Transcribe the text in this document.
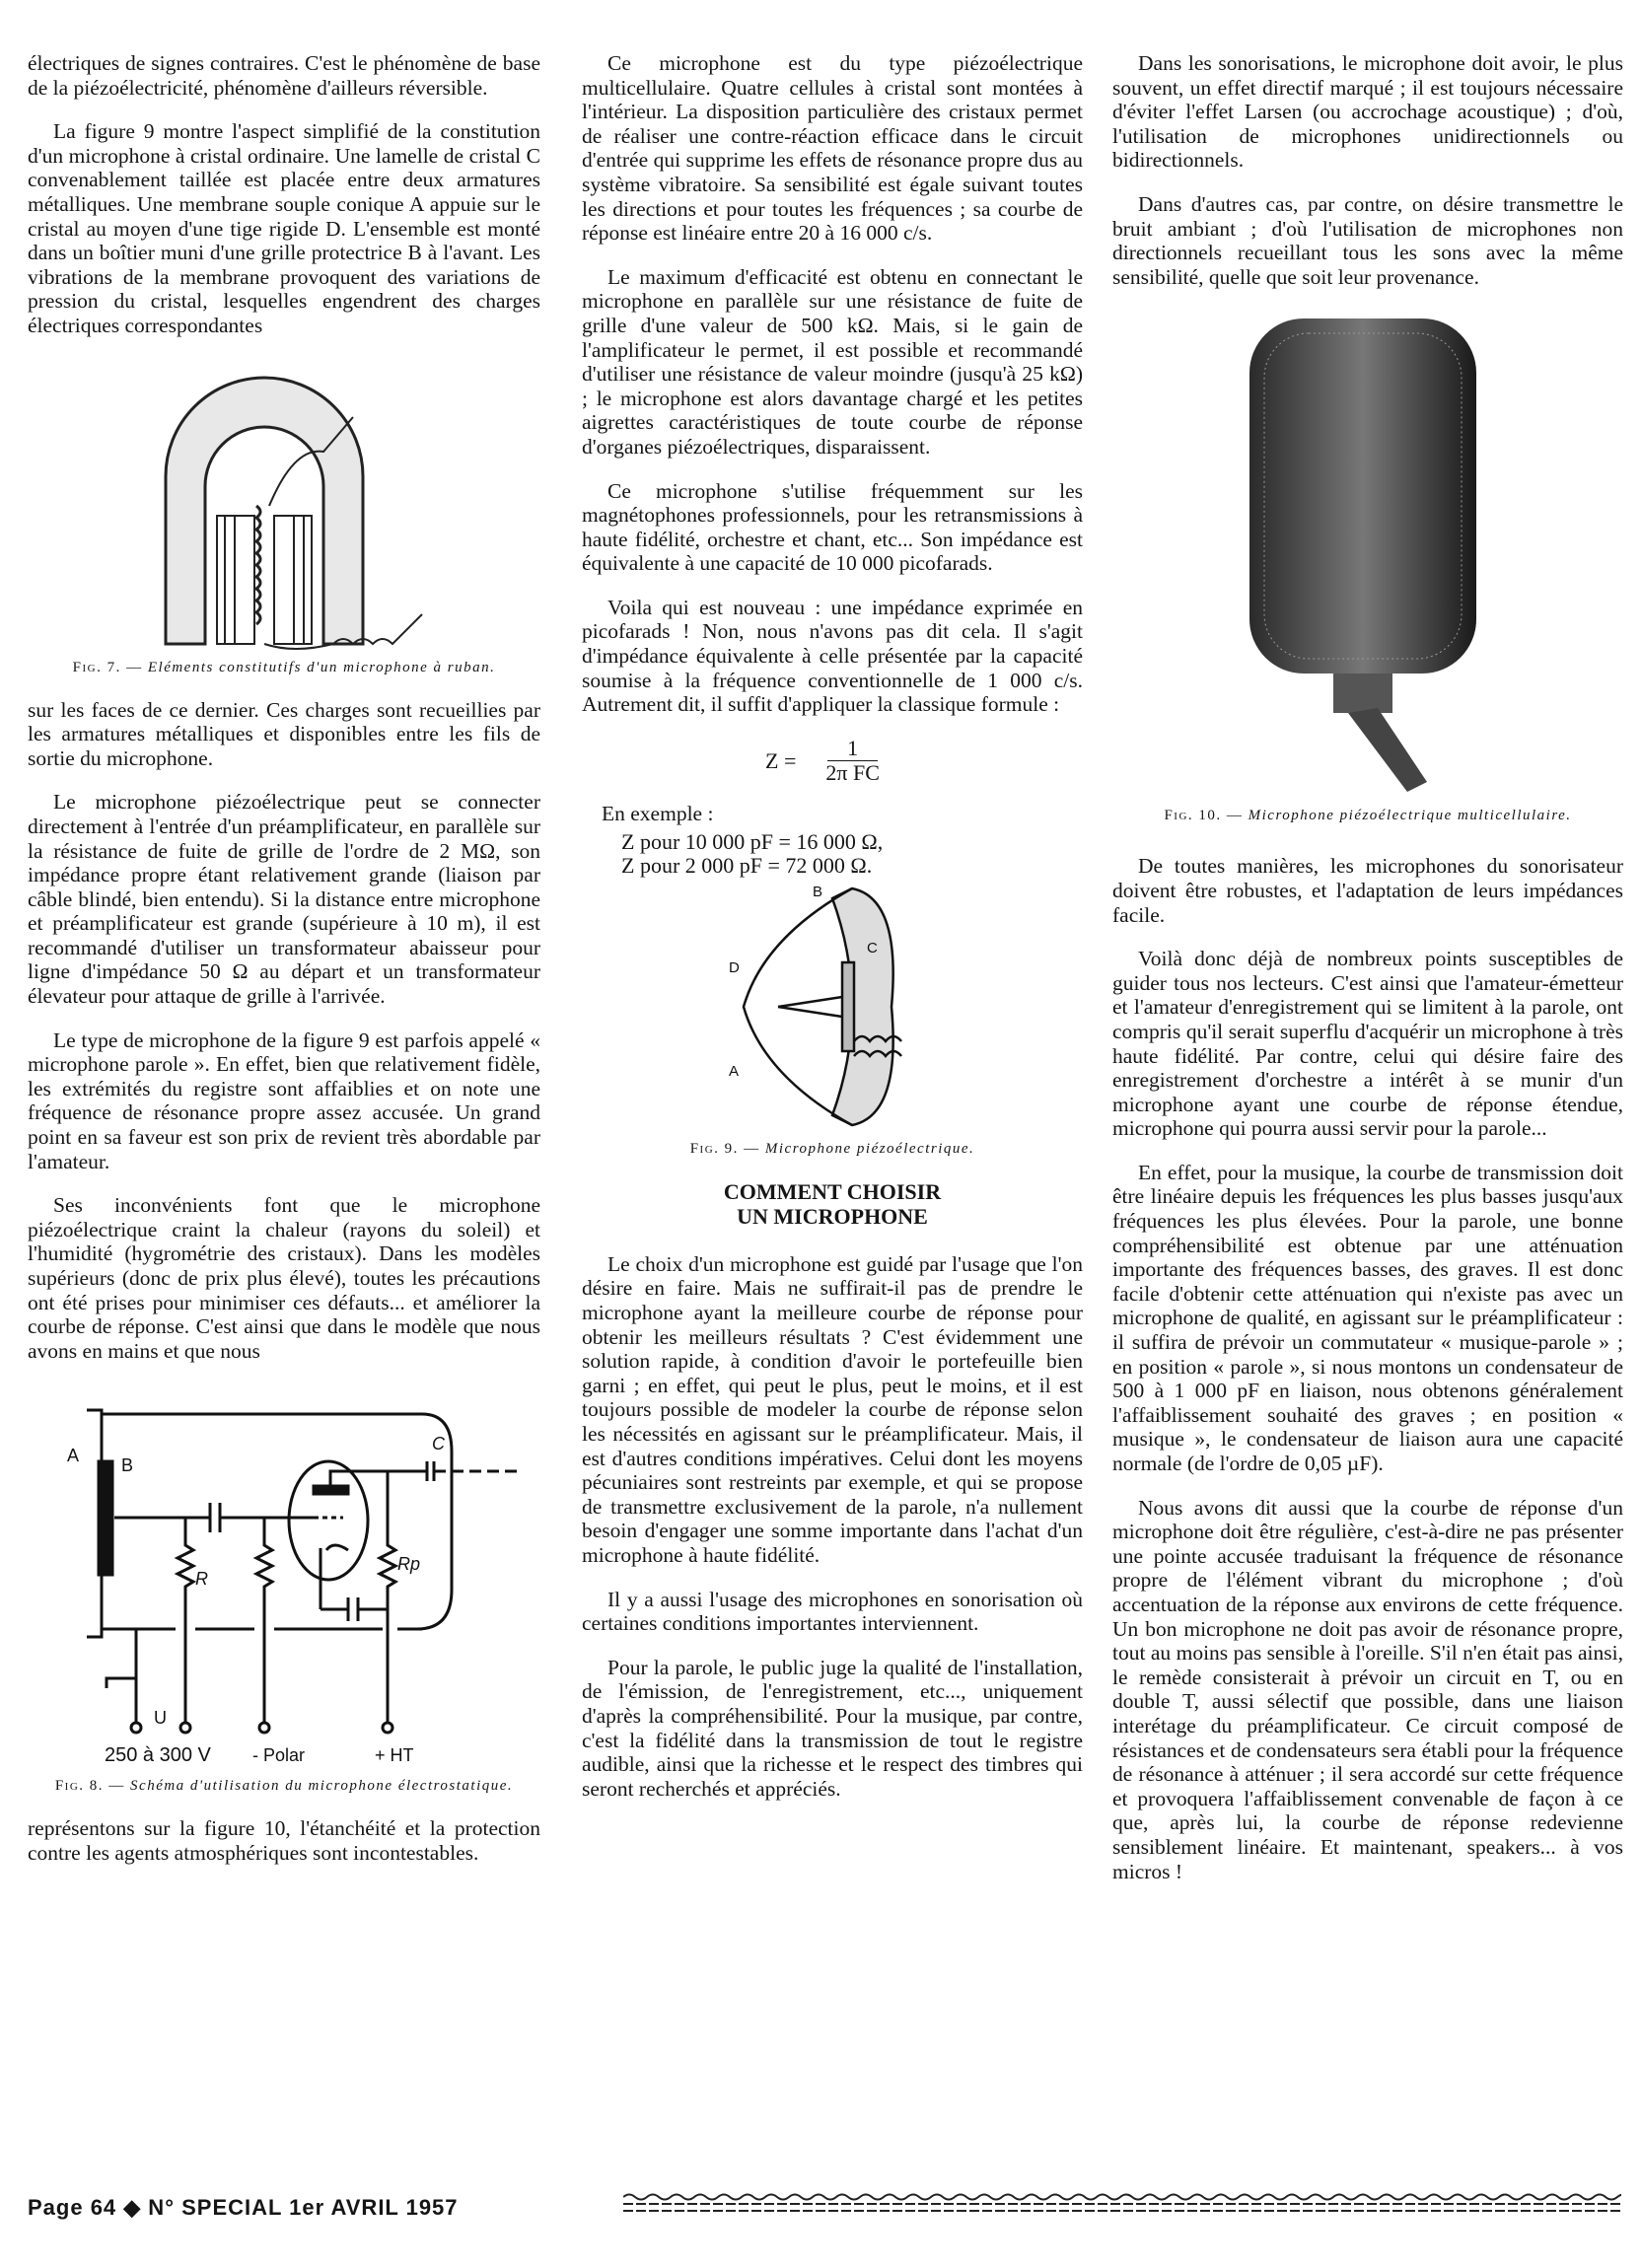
électriques de signes contraires. C'est le phénomène de base de la piézoélectricité, phénomène d'ailleurs réversible.

La figure 9 montre l'aspect simplifié de la constitution d'un microphone à cristal ordinaire. Une lamelle de cristal C convenablement taillée est placée entre deux armatures métalliques. Une membrane souple conique A appuie sur le cristal au moyen d'une tige rigide D. L'ensemble est monté dans un boîtier muni d'une grille protectrice B à l'avant. Les vibrations de la membrane provoquent des variations de pression du cristal, lesquelles engendrent des charges électriques correspondantes

Fig. 7. — Eléments constitutifs d'un microphone à ruban.

sur les faces de ce dernier. Ces charges sont recueillies par les armatures métalliques et disponibles entre les fils de sortie du microphone.

Le microphone piézoélectrique peut se connecter directement à l'entrée d'un préamplificateur, en parallèle sur la résistance de fuite de grille de l'ordre de 2 MΩ, son impédance propre étant relativement grande (liaison par câble blindé, bien entendu). Si la distance entre microphone et préamplificateur est grande (supérieure à 10 m), il est recommandé d'utiliser un transformateur abaisseur pour ligne d'impédance 50 Ω au départ et un transformateur élevateur pour attaque de grille à l'arrivée.

Le type de microphone de la figure 9 est parfois appelé « microphone parole ». En effet, bien que relativement fidèle, les extrémités du registre sont affaiblies et on note une fréquence de résonance propre assez accusée. Un grand point en sa faveur est son prix de revient très abordable par l'amateur.

Ses inconvénients font que le microphone piézoélectrique craint la chaleur (rayons du soleil) et l'humidité (hygrométrie des cristaux). Dans les modèles supérieurs (donc de prix plus élevé), toutes les précautions ont été prises pour minimiser ces défauts... et améliorer la courbe de réponse. C'est ainsi que dans le modèle que nous avons en mains et que nous

A B
C
R
Rp
U
250 à 300 V - Polar	+ HT
Fig. 8. — Schéma d'utilisation du microphone électrostatique.

représentons sur la figure 10, l'étanchéité et la protection contre les agents atmosphériques sont incontestables.

Ce microphone est du type piézoélectrique multicellulaire. Quatre cellules à cristal sont montées à l'intérieur. La disposition particulière des cristaux permet de réaliser une contre-réaction efficace dans le circuit d'entrée qui supprime les effets de résonance propre dus au système vibratoire. Sa sensibilité est égale suivant toutes les directions et pour toutes les fréquences ; sa courbe de réponse est linéaire entre 20 à 16 000 c/s.

Le maximum d'efficacité est obtenu en connectant le microphone en parallèle sur une résistance de fuite de grille d'une valeur de 500 kΩ. Mais, si le gain de l'amplificateur le permet, il est possible et recommandé d'utiliser une résistance de valeur moindre (jusqu'à 25 kΩ) ; le microphone est alors davantage chargé et les petites aigrettes caractéristiques de toute courbe de réponse d'organes piézoélectriques, disparaissent.

Ce microphone s'utilise fréquemment sur les magnétophones professionnels, pour les retransmissions à haute fidélité, orchestre et chant, etc... Son impédance est équivalente à une capacité de 10 000 picofarads.

Voila qui est nouveau : une impédance exprimée en picofarads ! Non, nous n'avons pas dit cela. Il s'agit d'impédance équivalente à celle présentée par la capacité soumise à la fréquence conventionnelle de 1 000 c/s. Autrement dit, il suffit d'appliquer la classique formule :

$Z = \frac{1}{\text{2π FC}}$

En exemple :

Z pour 10 000 pF = 16 000 Ω,

Z pour 2 000 pF = 72 000 Ω.

B
C
D
A
Fig. 9. — Microphone piézoélectrique.
COMMENT CHOISIR
UN MICROPHONE

Le choix d'un microphone est guidé par l'usage que l'on désire en faire. Mais ne suffirait-il pas de prendre le microphone ayant la meilleure courbe de réponse pour obtenir les meilleurs résultats ? C'est évidemment une solution rapide, à condition d'avoir le portefeuille bien garni ; en effet, qui peut le plus, peut le moins, et il est toujours possible de modeler la courbe de réponse selon les nécessités en agissant sur le préamplificateur. Mais, il est d'autres conditions impératives. Celui dont les moyens pécuniaires sont restreints par exemple, et qui se propose de transmettre exclusivement de la parole, n'a nullement besoin d'engager une somme importante dans l'achat d'un microphone à haute fidélité.

Il y a aussi l'usage des microphones en sonorisation où certaines conditions importantes interviennent.

Pour la parole, le public juge la qualité de l'installation, de l'émission, de l'enregistrement, etc..., uniquement d'après la compréhensibilité. Pour la musique, par contre, c'est la fidélité dans la transmission de tout le registre audible, ainsi que la richesse et le respect des timbres qui seront recherchés et appréciés.

Dans les sonorisations, le microphone doit avoir, le plus souvent, un effet directif marqué ; il est toujours nécessaire d'éviter l'effet Larsen (ou accrochage acoustique) ; d'où, l'utilisation de microphones unidirectionnels ou bidirectionnels.

Dans d'autres cas, par contre, on désire transmettre le bruit ambiant ; d'où l'utilisation de microphones non directionnels recueillant tous les sons avec la même sensibilité, quelle que soit leur provenance.

Fig. 10. — Microphone piézoélectrique multicellulaire.

De toutes manières, les microphones du sonorisateur doivent être robustes, et l'adaptation de leurs impédances facile.

Voilà donc déjà de nombreux points susceptibles de guider tous nos lecteurs. C'est ainsi que l'amateur-émetteur et l'amateur d'enregistrement qui se limitent à la parole, ont compris qu'il serait superflu d'acquérir un microphone à très haute fidélité. Par contre, celui qui désire faire des enregistrement d'orchestre a intérêt à se munir d'un microphone ayant une courbe de réponse étendue, microphone qui pourra aussi servir pour la parole...

En effet, pour la musique, la courbe de transmission doit être linéaire depuis les fréquences les plus basses jusqu'aux fréquences les plus élevées. Pour la parole, une bonne compréhensibilité est obtenue par une atténuation importante des fréquences basses, des graves. Il est donc facile d'obtenir cette atténuation qui n'existe pas avec un microphone de qualité, en agissant sur le préamplificateur : il suffira de prévoir un commutateur « musique-parole » ; en position « parole », si nous montons un condensateur de 500 à 1 000 pF en liaison, nous obtenons généralement l'affaiblissement souhaité des graves ; en position « musique », le condensateur de liaison aura une capacité normale (de l'ordre de 0,05 µF).

Nous avons dit aussi que la courbe de réponse d'un microphone doit être régulière, c'est-à-dire ne pas présenter une pointe accusée traduisant la fréquence de résonance propre de l'élément vibrant du microphone ; d'où accentuation de la réponse aux environs de cette fréquence. Un bon microphone ne doit pas avoir de résonance propre, tout au moins pas sensible à l'oreille. S'il n'en était pas ainsi, le remède consisterait à prévoir un circuit en T, ou en double T, aussi sélectif que possible, dans une liaison interétage du préamplificateur. Ce circuit composé de résistances et de condensateurs sera établi pour la fréquence de résonance à atténuer ; il sera accordé sur cette fréquence et provoquera l'affaiblissement convenable de façon à ce que, après lui, la courbe de réponse redevienne sensiblement linéaire. Et maintenant, speakers... à vos micros !

Page 64 ◆ N° SPECIAL 1er AVRIL 1957
